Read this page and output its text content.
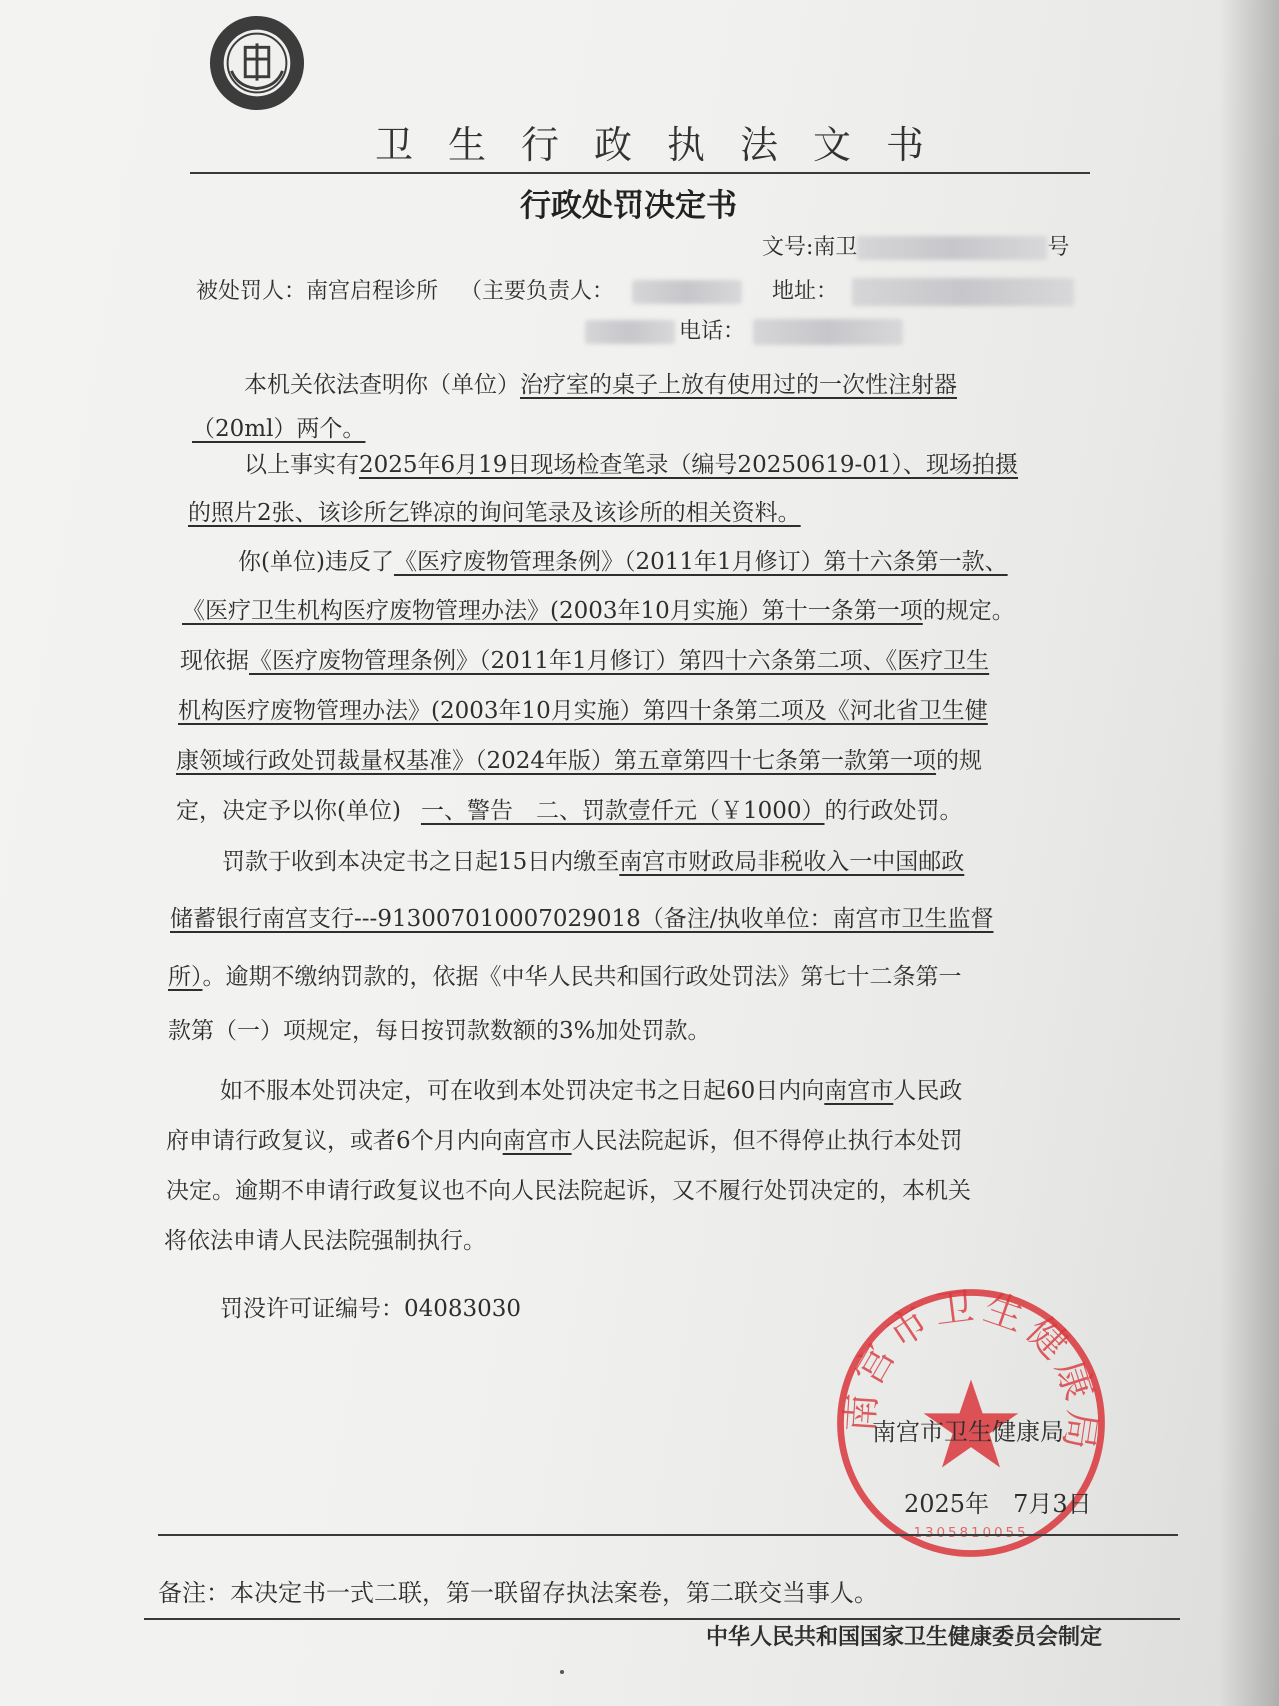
卫生行政执法文书
行政处罚决定书
文号:南卫	号
被处罚人：南宫启程诊所 （主要负责人：	地址：
电话：
本机关依法查明你（单位）治疗室的桌子上放有使用过的一次性注射器
（20ml）两个。
以上事实有2025年6月19日现场检查笔录（编号20250619-01）、现场拍摄
的照片2张、该诊所乞铧凉的询问笔录及该诊所的相关资料。
你(单位)违反了《医疗废物管理条例》（2011年1月修订）第十六条第一款、
《医疗卫生机构医疗废物管理办法》(2003年10月实施）第十一条第一项的规定。
现依据《医疗废物管理条例》（2011年1月修订）第四十六条第二项、《医疗卫生
机构医疗废物管理办法》(2003年10月实施）第四十条第二项及《河北省卫生健
康领域行政处罚裁量权基准》（2024年版）第五章第四十七条第一款第一项的规
定，决定予以你(单位) 一、警告　二、罚款壹仟元（￥1000）的行政处罚。
罚款于收到本决定书之日起15日内缴至南宫市财政局非税收入一中国邮政
储蓄银行南宫支行---913007010007029018（备注/执收单位：南宫市卫生监督
所）。逾期不缴纳罚款的，依据《中华人民共和国行政处罚法》第七十二条第一
款第（一）项规定，每日按罚款数额的3%加处罚款。
如不服本处罚决定，可在收到本处罚决定书之日起60日内向南宫市人民政
府申请行政复议，或者6个月内向南宫市人民法院起诉，但不得停止执行本处罚
决定。逾期不申请行政复议也不向人民法院起诉，又不履行处罚决定的，本机关
将依法申请人民法院强制执行。
罚没许可证编号：04083030
南宫市卫生健康局
1305810055
南宫市卫生健康局
2025年　7月3日
备注：本决定书一式二联，第一联留存执法案卷，第二联交当事人。
中华人民共和国国家卫生健康委员会制定
